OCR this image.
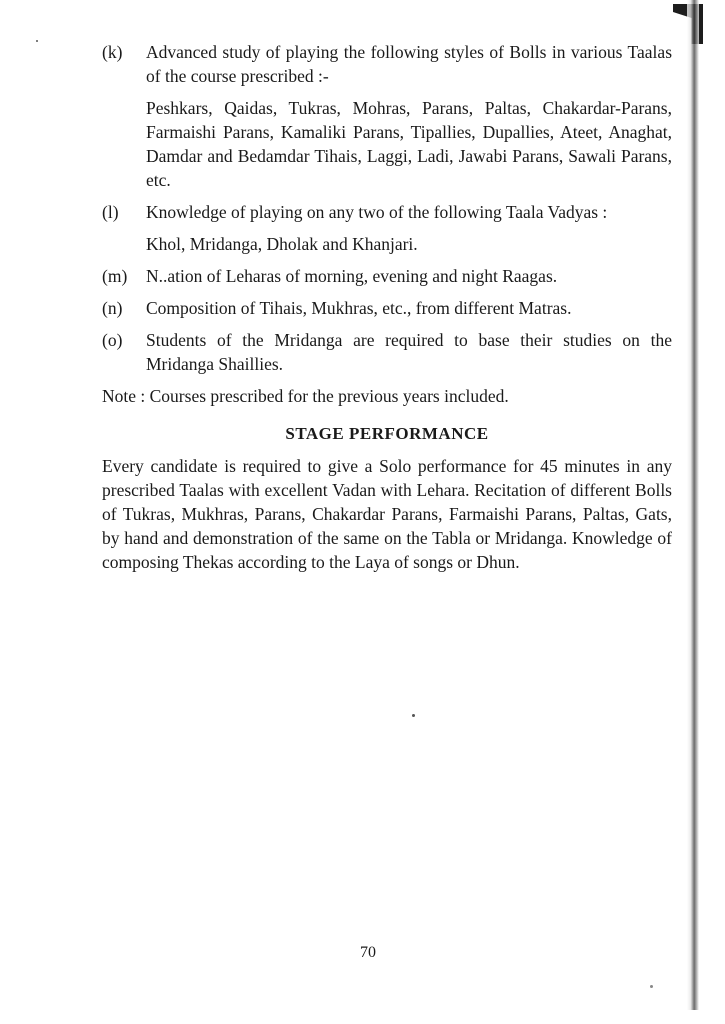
(k) Advanced study of playing the following styles of Bolls in various Taalas of the course prescribed :-
Peshkars, Qaidas, Tukras, Mohras, Parans, Paltas, Chakardar-Parans, Farmaishi Parans, Kamaliki Parans, Tipallies, Dupallies, Ateet, Anaghat, Damdar and Bedamdar Tihais, Laggi, Ladi, Jawabi Parans, Sawali Parans, etc.
(l) Knowledge of playing on any two of the following Taala Vadyas :
Khol, Mridanga, Dholak and Khanjari.
(m) N..ation of Leharas of morning, evening and night Raagas.
(n) Composition of Tihais, Mukhras, etc., from different Matras.
(o) Students of the Mridanga are required to base their studies on the Mridanga Shaillies.
Note : Courses prescribed for the previous years included.
STAGE PERFORMANCE
Every candidate is required to give a Solo performance for 45 minutes in any prescribed Taalas with excellent Vadan with Lehara. Recitation of different Bolls of Tukras, Mukhras, Parans, Chakardar Parans, Farmaishi Parans, Paltas, Gats, by hand and demonstration of the same on the Tabla or Mridanga. Knowledge of composing Thekas according to the Laya of songs or Dhun.
70
